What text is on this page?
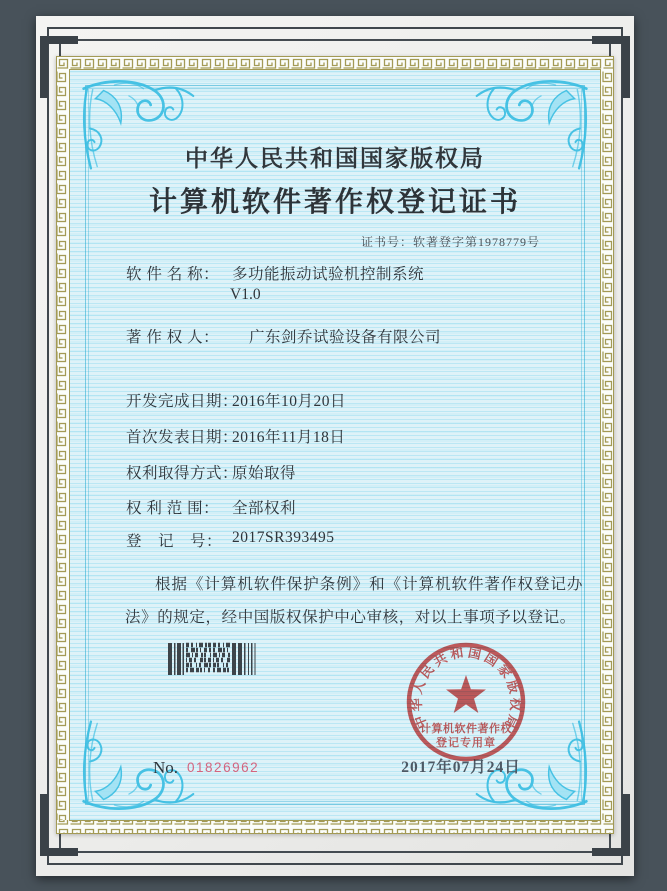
中华人民共和国国家版权局
计算机软件著作权登记证书
证书号：软著登字第1978779号
软 件 名 称： 多功能振动试验机控制系统
V1.0
著 作 权 人： 广东剑乔试验设备有限公司
开发完成日期：
2016年10月20日
首次发表日期：
2016年11月18日
权利取得方式：
原始取得
权 利 范 围： 全部权利
登　记　号： 2017SR393495
根据《计算机软件保护条例》和《计算机软件著作权登记办法》的规定，经中国版权保护中心审核，对以上事项予以登记。
中华人民共和国国家版权局
计算机软件著作权
登记专用章
2017年07月24日
No. 01826962
